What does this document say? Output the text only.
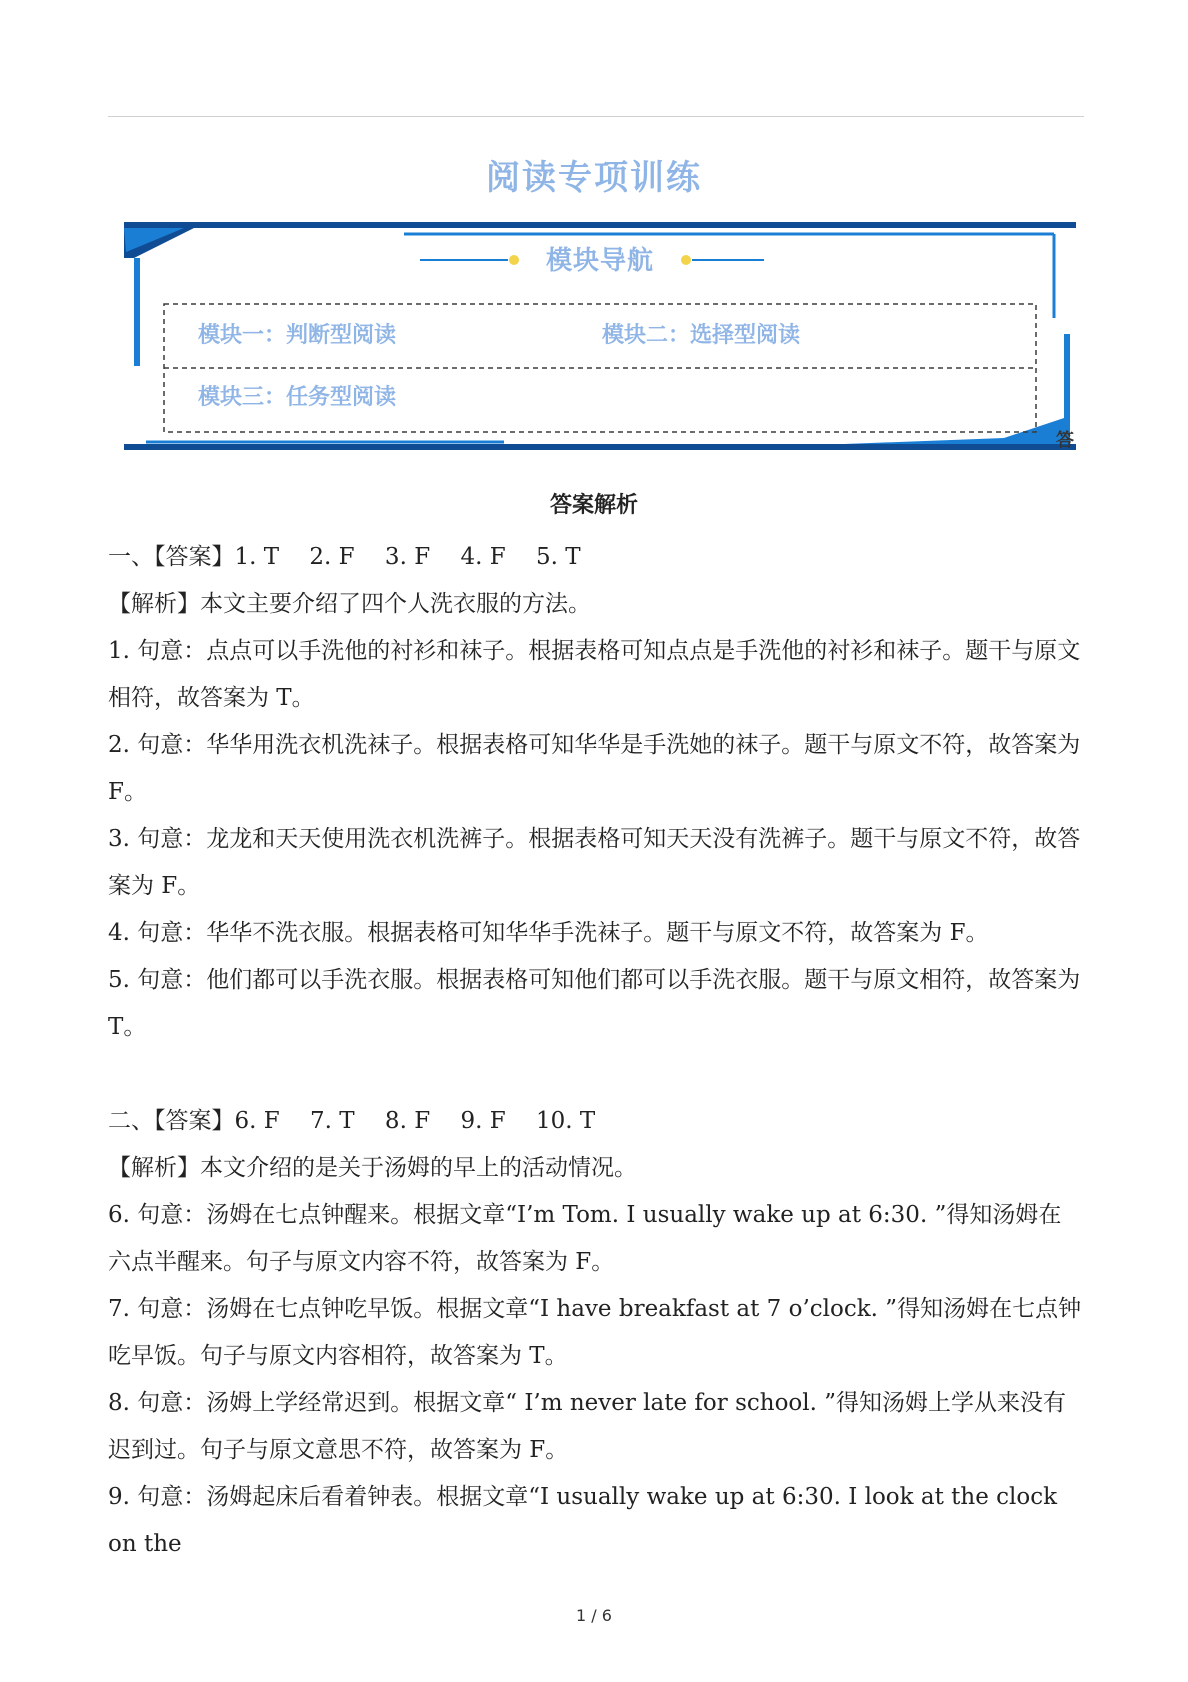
阅读专项训练
模块导航
模块一：判断型阅读	模块二：选择型阅读
模块三：任务型阅读
答
答案解析

一、【答案】1. T　 2. F　 3. F　 4. F　 5. T

【解析】本文主要介绍了四个人洗衣服的方法。

1. 句意：点点可以手洗他的衬衫和袜子。根据表格可知点点是手洗他的衬衫和袜子。题干与原文相符，故答案为 T。

2. 句意：华华用洗衣机洗袜子。根据表格可知华华是手洗她的袜子。题干与原文不符，故答案为 F。

3. 句意：龙龙和天天使用洗衣机洗裤子。根据表格可知天天没有洗裤子。题干与原文不符，故答案为 F。

4. 句意：华华不洗衣服。根据表格可知华华手洗袜子。题干与原文不符，故答案为 F。

5. 句意：他们都可以手洗衣服。根据表格可知他们都可以手洗衣服。题干与原文相符，故答案为 T。

二、【答案】6. F　 7. T　 8. F　 9. F　 10. T

【解析】本文介绍的是关于汤姆的早上的活动情况。

6. 句意：汤姆在七点钟醒来。根据文章“I’m Tom. I usually wake up at 6:30. ”得知汤姆在六点半醒来。句子与原文内容不符，故答案为 F。

7. 句意：汤姆在七点钟吃早饭。根据文章“I have breakfast at 7 o’clock. ”得知汤姆在七点钟吃早饭。句子与原文内容相符，故答案为 T。

8. 句意：汤姆上学经常迟到。根据文章“ I’m never late for school. ”得知汤姆上学从来没有迟到过。句子与原文意思不符，故答案为 F。

9. 句意：汤姆起床后看着钟表。根据文章“I usually wake up at 6:30. I look at the clock on the

1 / 6
